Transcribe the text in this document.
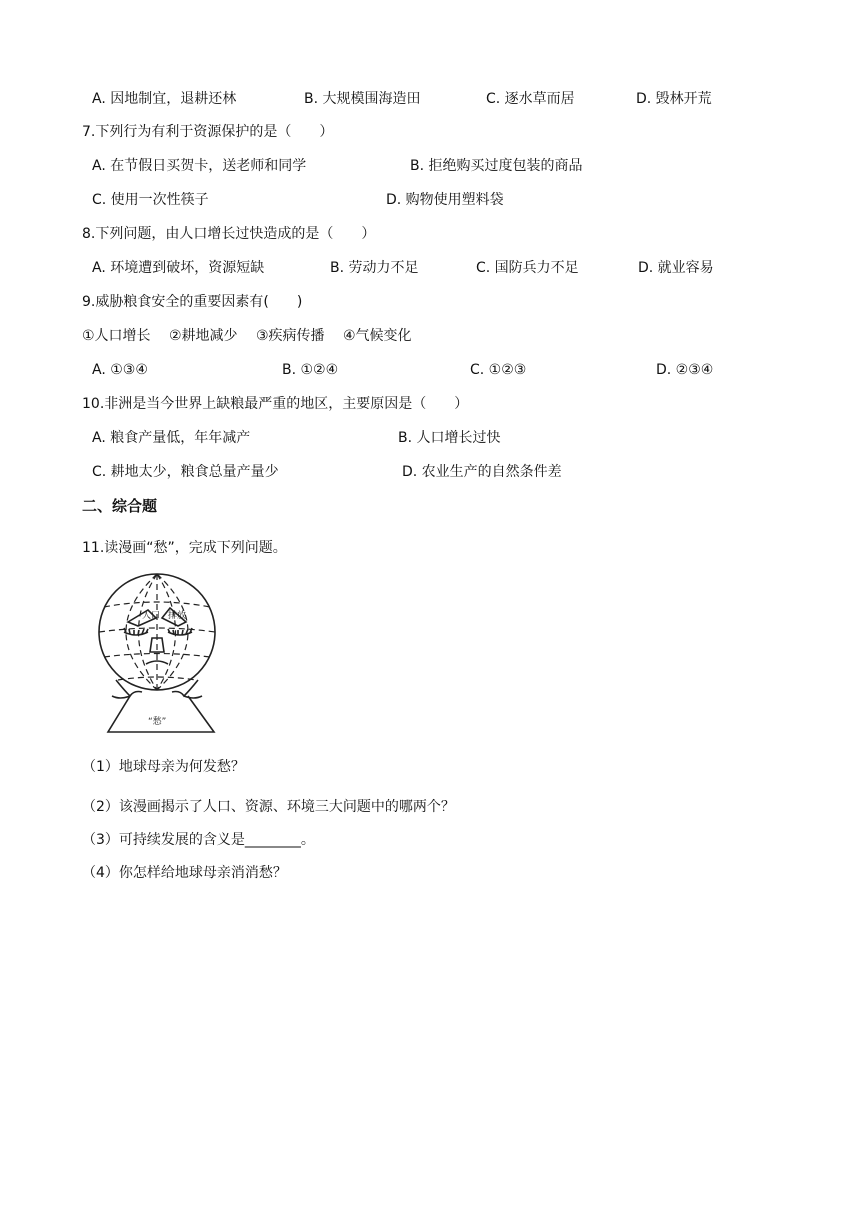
A. 因地制宜，退耕还林	B. 大规模围海造田	C. 逐水草而居	D. 毁林开荒
7.下列行为有利于资源保护的是（　　）
A. 在节假日买贺卡，送老师和同学	B. 拒绝购买过度包装的商品
C. 使用一次性筷子	D. 购物使用塑料袋
8.下列问题，由人口增长过快造成的是（　　）
A. 环境遭到破坏，资源短缺	B. 劳动力不足	C. 国防兵力不足	D. 就业容易
9.威胁粮食安全的重要因素有(　　)
①人口增长　 ②耕地减少　 ③疾病传播　 ④气候变化
A. ①③④	B. ①②④	C. ①②③	D. ②③④
10.非洲是当今世界上缺粮最严重的地区，主要原因是（　　）
A. 粮食产量低，年年减产	B. 人口增长过快
C. 耕地太少，粮食总量产量少	D. 农业生产的自然条件差
二、综合题
11.读漫画“愁”，完成下列问题。
人口 排放
“愁”
（1）地球母亲为何发愁？
（2）该漫画揭示了人口、资源、环境三大问题中的哪两个？
（3）可持续发展的含义是________。
（4）你怎样给地球母亲消消愁？
